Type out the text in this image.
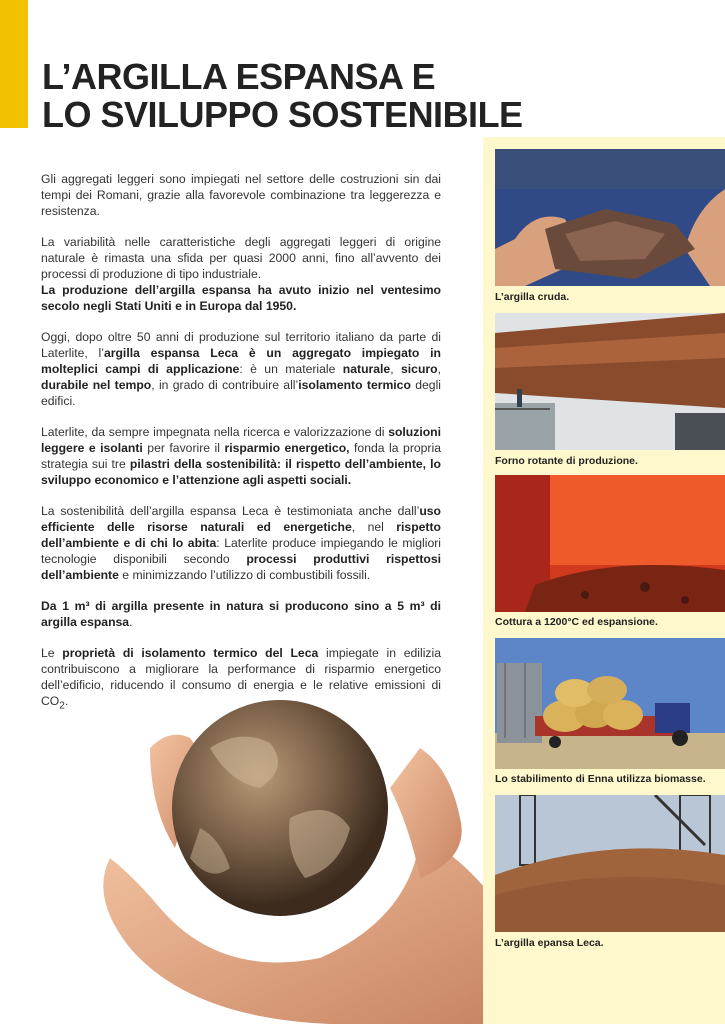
L’ARGILLA ESPANSA E
LO SVILUPPO SOSTENIBILE

Gli aggregati leggeri sono impiegati nel settore delle costruzioni sin dai tempi dei Romani, grazie alla favorevole combinazione tra leggerezza e resistenza.

La variabilità nelle caratteristiche degli aggregati leggeri di origine naturale è rimasta una sfida per quasi 2000 anni, fino all’avvento dei processi di produzione di tipo industriale.
La produzione dell’argilla espansa ha avuto inizio nel ventesimo secolo negli Stati Uniti e in Europa dal 1950.

Oggi, dopo oltre 50 anni di produzione sul territorio italiano da parte di Laterlite, l’argilla espansa Leca è un aggregato impiegato in molteplici campi di applicazione: è un materiale naturale, sicuro, durabile nel tempo, in grado di contribuire all’isolamento termico degli edifici.

Laterlite, da sempre impegnata nella ricerca e valorizzazione di soluzioni leggere e isolanti per favorire il risparmio energetico, fonda la propria strategia sui tre pilastri della sostenibilità: il rispetto dell’ambiente, lo sviluppo economico e l’attenzione agli aspetti sociali.

La sostenibilità dell’argilla espansa Leca è testimoniata anche dall’uso efficiente delle risorse naturali ed energetiche, nel rispetto dell’ambiente e di chi lo abita: Laterlite produce impiegando le migliori tecnologie disponibili secondo processi produttivi rispettosi dell’ambiente e minimizzando l’utilizzo di combustibili fossili.

Da 1 m³ di argilla presente in natura si producono sino a 5 m³ di argilla espansa.

Le proprietà di isolamento termico del Leca impiegate in edilizia contribuiscono a migliorare la performance di risparmio energetico dell’edificio, riducendo il consumo di energia e le relative emissioni di $CO_2$.

L’argilla cruda.
Forno rotante di produzione.
Cottura a 1200°C ed espansione.
Lo stabilimento di Enna utilizza biomasse.
L’argilla epansa Leca.
